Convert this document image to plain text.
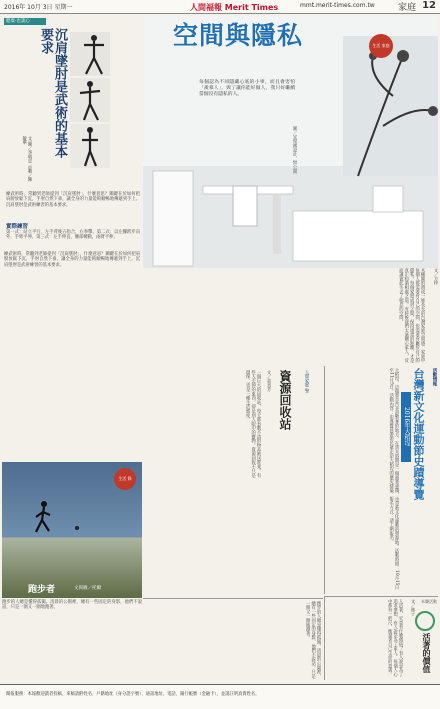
2016年 10月 3日 星期一	人間福報 Merit Times	mmt.merit-times.com.tw	家庭 12
健康‧也談心
沉肩墜肘是武術的基本要求
文‧圖／李明忠 示範／陳敏華
練武術時，常聽到老師提到「沉肩墜肘」，什麼意思？關鍵在於如何把肩膀放鬆下沉，手肘自然下垂，讓全身的力量能夠順暢地傳遞到手上。沉肩墜肘是武術練習的基本要求。
實際練習
第一式：站立平行，左手背後五指合，右拳擊。第二式：以左腳跨步向外，手臂平伸。第三式：左手伸直，腰部轉動，兩臂平伸。
空間與隱私	生活 家庭
每個認為不同隱藏心底的小事，而且會害怕「羨慕人」，與了讓你能好做人，我只好繼續當個沒有隱私的人。
圖／宋俊國設計，無公開
文／方梓
木柵圍的潰成一條長長的台灣家庭空間感。家庭中每個人都需要有自己的空間，也需要有屬於自己的隱私。每個家庭成員之間，保持適當的距離，才是真正和諧相處之道。有時候我們太過關心家人，反而讓彼此失去了喘息的空間。
練武術時，常聽到老師提到「沉肩墜肘」，什麼意思？關鍵在於如何把肩膀放鬆下沉，手肘自然下垂，讓全身的力量能夠順暢地傳遞到手上。沉肩墜肘是武術練習的基本要求。
生活 錄
跑步者	文與圖／托爾
資源回收站	人間家庭 警
文／余美芳
一個巨大的回收站，每天都有數不清的物品被送進來。有些人丟掉的東西，卻是別人眼中的寶物。資源回收不只是環保，更是一種生活態度。	活動情報
台灣新文化運動節史蹟導覽
2016年大稻埕
大稻埕，這個曾是台北最繁華的地方，在清末時期是一個商業重鎮，也是新文化運動的發源地。活動時間：10月15日至11月5日。活動內容：由導覽員帶領民眾走訪大稻埕的歷史建築。報名方式：請上網報名。
米樂活動
活著的價值
文／林子
人活著，究竟有什麼價值？有人說是為了追求夢想，有人說是為了家人。每個人心中都有一把尺，衡量著自己生命的意義。
跑步的人總是懂得孤獨。清晨的公園裡，總有一些固定的身影，他們不說話，只是一圈又一圈地跑著。
跑步的人總是懂得孤獨。清晨的公園裡，總有一些固定的身影，他們不說話，只是一圈又一圈地跑著。
閱報服務：本報歡迎讀者投稿，來稿請附姓名、戶籍地址（身分證字號）、通訊地址、電話、銀行帳號（金融卡），並請註明真實姓名。
